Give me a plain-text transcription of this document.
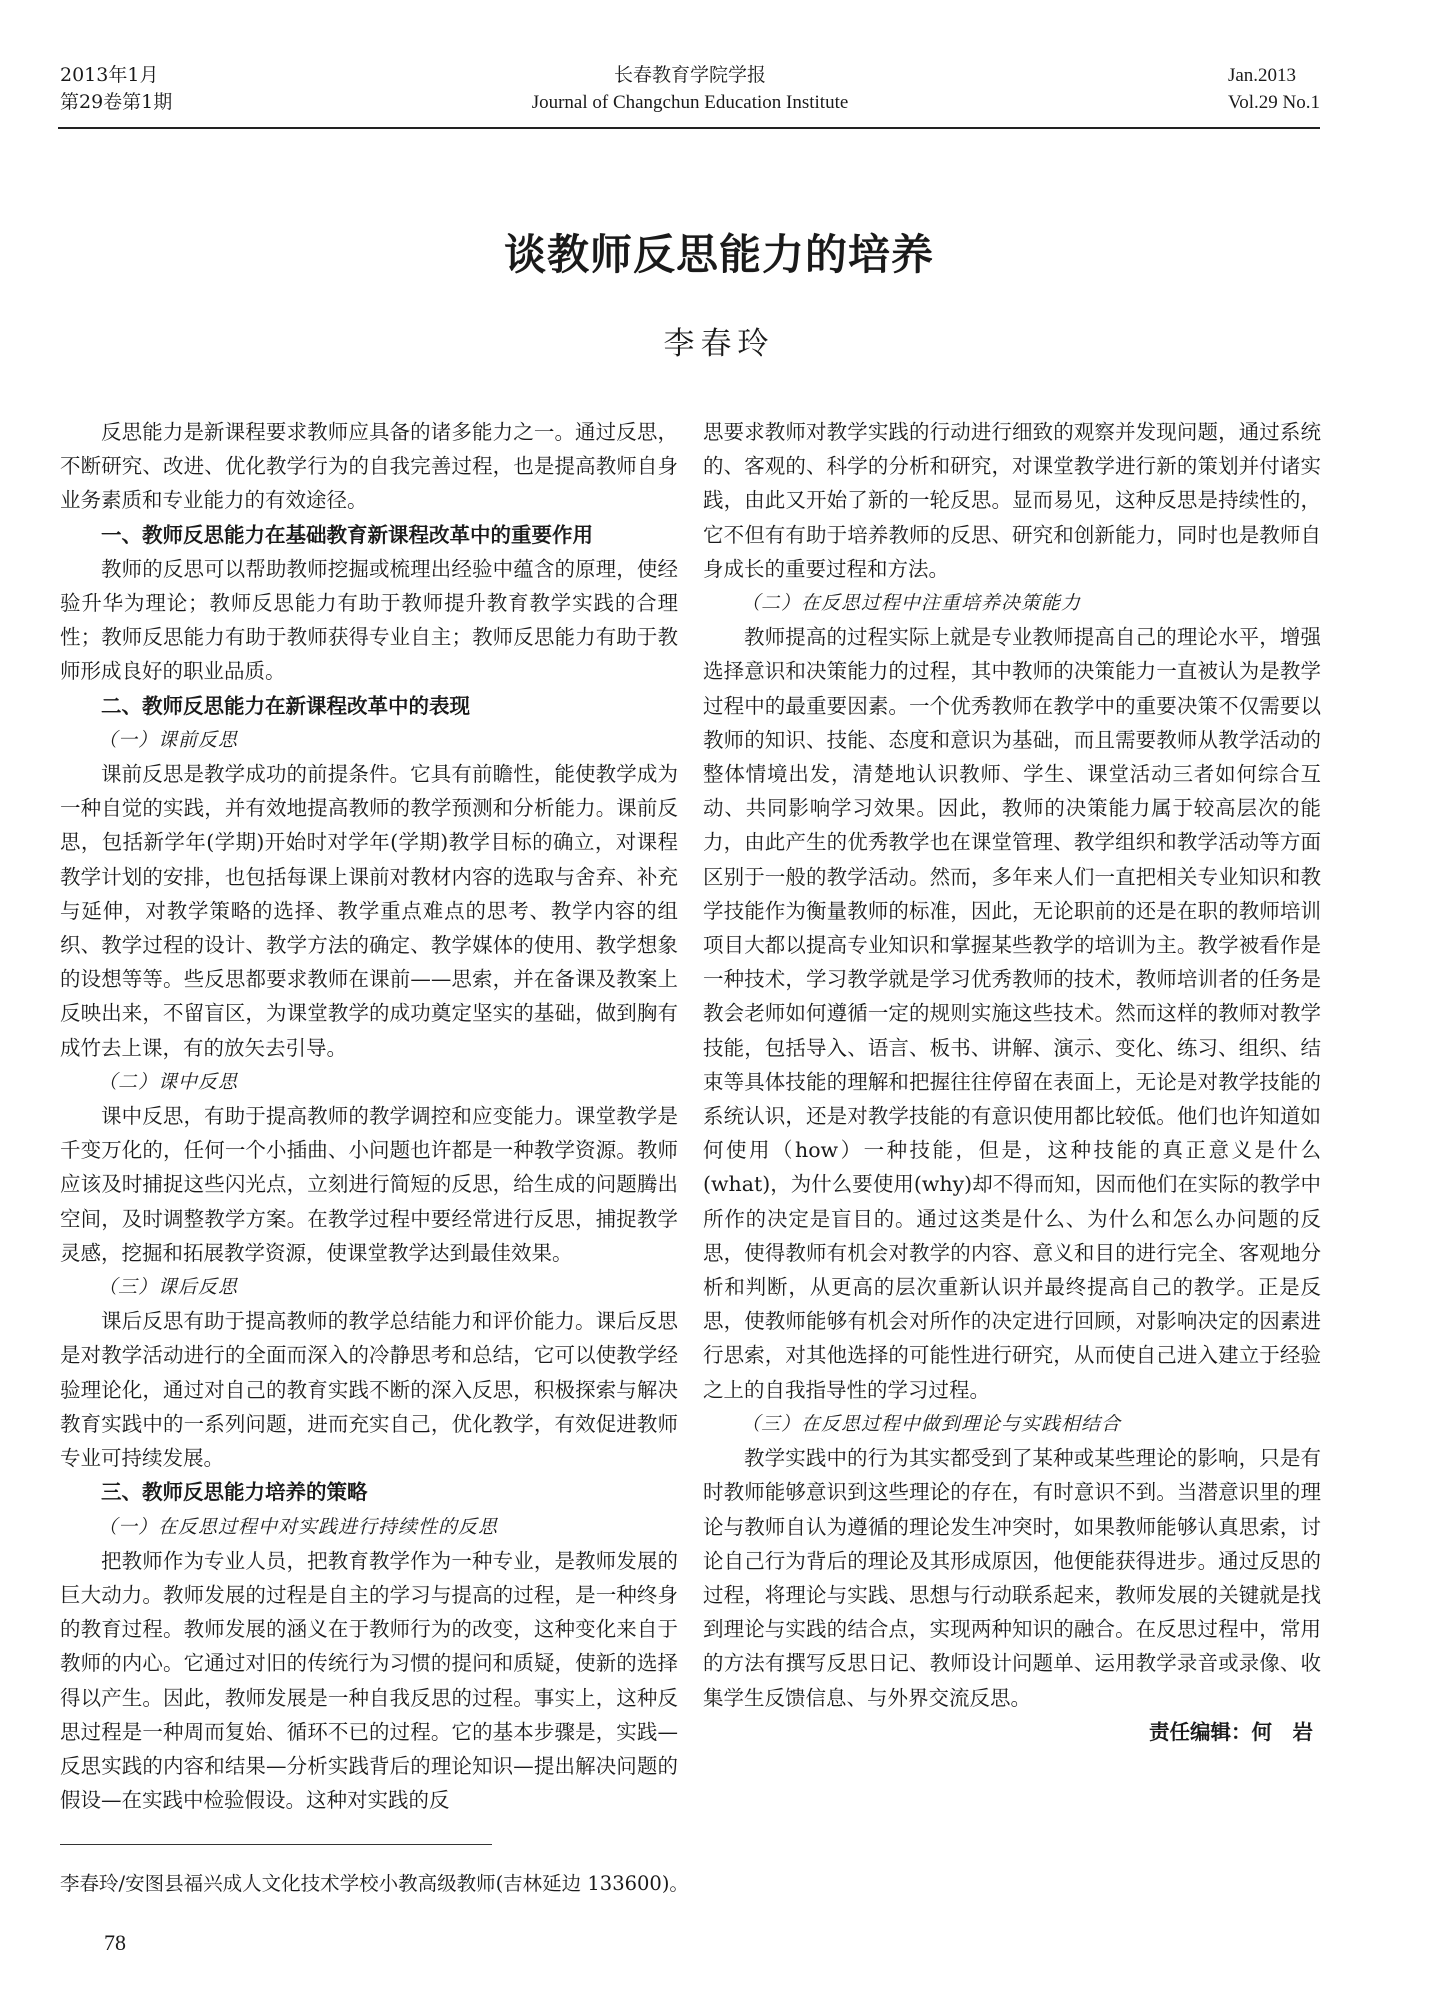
2013年1月
第29卷第1期
长春教育学院学报
Journal of Changchun Education Institute
Jan.2013
Vol.29 No.1
谈教师反思能力的培养
李春玲

反思能力是新课程要求教师应具备的诸多能力之一。通过反思，不断研究、改进、优化教学行为的自我完善过程，也是提高教师自身业务素质和专业能力的有效途径。

一、教师反思能力在基础教育新课程改革中的重要作用

教师的反思可以帮助教师挖掘或梳理出经验中蕴含的原理，使经验升华为理论；教师反思能力有助于教师提升教育教学实践的合理性；教师反思能力有助于教师获得专业自主；教师反思能力有助于教师形成良好的职业品质。

二、教师反思能力在新课程改革中的表现
（一）课前反思

课前反思是教学成功的前提条件。它具有前瞻性，能使教学成为一种自觉的实践，并有效地提高教师的教学预测和分析能力。课前反思，包括新学年(学期)开始时对学年(学期)教学目标的确立，对课程教学计划的安排，也包括每课上课前对教材内容的选取与舍弃、补充与延伸，对教学策略的选择、教学重点难点的思考、教学内容的组织、教学过程的设计、教学方法的确定、教学媒体的使用、教学想象的设想等等。些反思都要求教师在课前——思索，并在备课及教案上反映出来，不留盲区，为课堂教学的成功奠定坚实的基础，做到胸有成竹去上课，有的放矢去引导。

（二）课中反思

课中反思，有助于提高教师的教学调控和应变能力。课堂教学是千变万化的，任何一个小插曲、小问题也许都是一种教学资源。教师应该及时捕捉这些闪光点，立刻进行简短的反思，给生成的问题腾出空间，及时调整教学方案。在教学过程中要经常进行反思，捕捉教学灵感，挖掘和拓展教学资源，使课堂教学达到最佳效果。

（三）课后反思

课后反思有助于提高教师的教学总结能力和评价能力。课后反思是对教学活动进行的全面而深入的冷静思考和总结，它可以使教学经验理论化，通过对自己的教育实践不断的深入反思，积极探索与解决教育实践中的一系列问题，进而充实自己，优化教学，有效促进教师专业可持续发展。

三、教师反思能力培养的策略
（一）在反思过程中对实践进行持续性的反思

把教师作为专业人员，把教育教学作为一种专业，是教师发展的巨大动力。教师发展的过程是自主的学习与提高的过程，是一种终身的教育过程。教师发展的涵义在于教师行为的改变，这种变化来自于教师的内心。它通过对旧的传统行为习惯的提问和质疑，使新的选择得以产生。因此，教师发展是一种自我反思的过程。事实上，这种反思过程是一种周而复始、循环不已的过程。它的基本步骤是，实践—反思实践的内容和结果—分析实践背后的理论知识—提出解决问题的假设—在实践中检验假设。这种对实践的反

思要求教师对教学实践的行动进行细致的观察并发现问题，通过系统的、客观的、科学的分析和研究，对课堂教学进行新的策划并付诸实践，由此又开始了新的一轮反思。显而易见，这种反思是持续性的，它不但有有助于培养教师的反思、研究和创新能力，同时也是教师自身成长的重要过程和方法。

（二）在反思过程中注重培养决策能力

教师提高的过程实际上就是专业教师提高自己的理论水平，增强选择意识和决策能力的过程，其中教师的决策能力一直被认为是教学过程中的最重要因素。一个优秀教师在教学中的重要决策不仅需要以教师的知识、技能、态度和意识为基础，而且需要教师从教学活动的整体情境出发，清楚地认识教师、学生、课堂活动三者如何综合互动、共同影响学习效果。因此，教师的决策能力属于较高层次的能力，由此产生的优秀教学也在课堂管理、教学组织和教学活动等方面区别于一般的教学活动。然而，多年来人们一直把相关专业知识和教学技能作为衡量教师的标准，因此，无论职前的还是在职的教师培训项目大都以提高专业知识和掌握某些教学的培训为主。教学被看作是一种技术，学习教学就是学习优秀教师的技术，教师培训者的任务是教会老师如何遵循一定的规则实施这些技术。然而这样的教师对教学技能，包括导入、语言、板书、讲解、演示、变化、练习、组织、结束等具体技能的理解和把握往往停留在表面上，无论是对教学技能的系统认识，还是对教学技能的有意识使用都比较低。他们也许知道如何使用（how）一种技能，但是，这种技能的真正意义是什么(what)，为什么要使用(why)却不得而知，因而他们在实际的教学中所作的决定是盲目的。通过这类是什么、为什么和怎么办问题的反思，使得教师有机会对教学的内容、意义和目的进行完全、客观地分析和判断，从更高的层次重新认识并最终提高自己的教学。正是反思，使教师能够有机会对所作的决定进行回顾，对影响决定的因素进行思索，对其他选择的可能性进行研究，从而使自己进入建立于经验之上的自我指导性的学习过程。

（三）在反思过程中做到理论与实践相结合

教学实践中的行为其实都受到了某种或某些理论的影响，只是有时教师能够意识到这些理论的存在，有时意识不到。当潜意识里的理论与教师自认为遵循的理论发生冲突时，如果教师能够认真思索，讨论自己行为背后的理论及其形成原因，他便能获得进步。通过反思的过程，将理论与实践、思想与行动联系起来，教师发展的关键就是找到理论与实践的结合点，实现两种知识的融合。在反思过程中，常用的方法有撰写反思日记、教师设计问题单、运用教学录音或录像、收集学生反馈信息、与外界交流反思。

责任编辑：何　岩

李春玲/安图县福兴成人文化技术学校小教高级教师(吉林延边 133600)。
78
